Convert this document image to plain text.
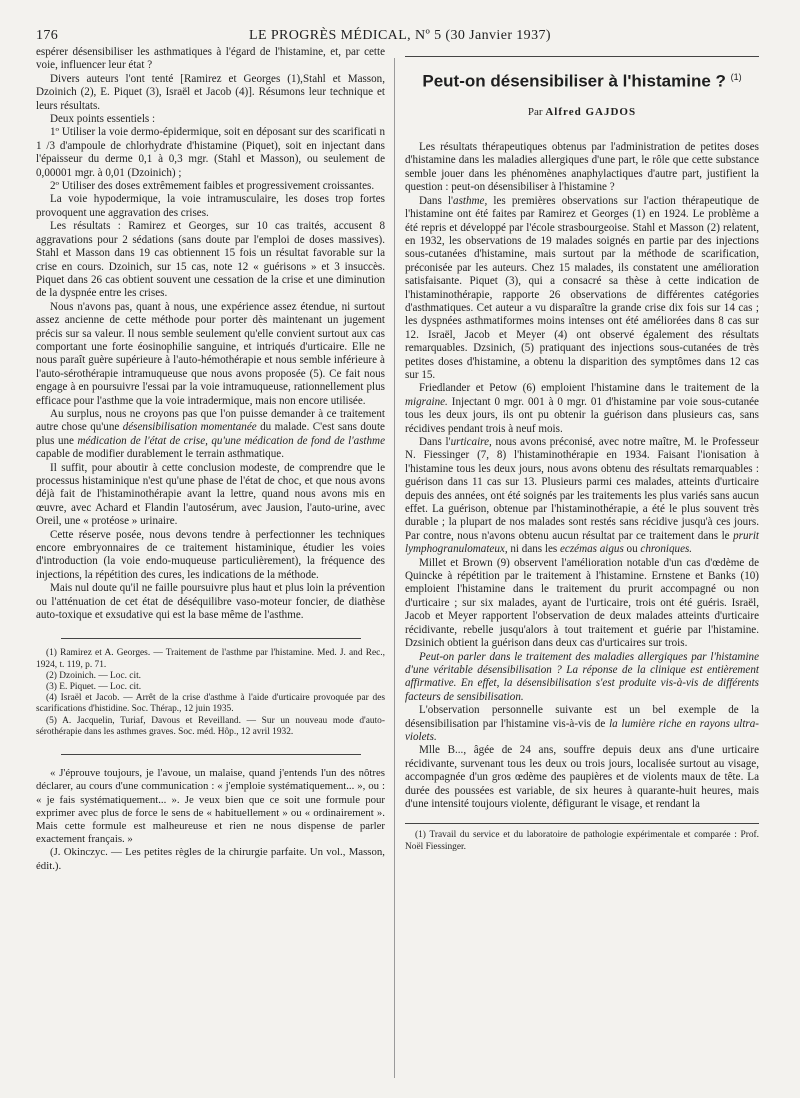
176	LE PROGRÈS MÉDICAL, Nº 5 (30 Janvier 1937)

espérer désensibiliser les asthmatiques à l'égard de l'histamine, et, par cette voie, influencer leur état ?

Divers auteurs l'ont tenté [Ramirez et Georges (1),Stahl et Masson, Dzoinich (2), E. Piquet (3), Israël et Jacob (4)]. Résumons leur technique et leurs résultats.

Deux points essentiels :

1º Utiliser la voie dermo-épidermique, soit en déposant sur des scarificati n 1 /3 d'ampoule de chlorhydrate d'histamine (Piquet), soit en injectant dans l'épaisseur du derme 0,1 à 0,3 mgr. (Stahl et Masson), ou seulement de 0,00001 mgr. à 0,01 (Dzoinich) ;

2º Utiliser des doses extrêmement faibles et progressivement croissantes.

La voie hypodermique, la voie intramusculaire, les doses trop fortes provoquent une aggravation des crises.

Les résultats : Ramirez et Georges, sur 10 cas traités, accusent 8 aggravations pour 2 sédations (sans doute par l'emploi de doses massives). Stahl et Masson dans 19 cas obtiennent 15 fois un résultat favorable sur la crise en cours. Dzoinich, sur 15 cas, note 12 « guérisons » et 3 insuccès. Piquet dans 26 cas obtient souvent une cessation de la crise et une diminution de la dyspnée entre les crises.

Nous n'avons pas, quant à nous, une expérience assez étendue, ni surtout assez ancienne de cette méthode pour porter dès maintenant un jugement précis sur sa valeur. Il nous semble seulement qu'elle convient surtout aux cas comportant une forte éosinophilie sanguine, et intriqués d'urticaire. Elle ne nous paraît guère supérieure à l'auto-hémothérapie et nous semble inférieure à l'auto-sérothérapie intramuqueuse que nous avons proposée (5). Ce fait nous engage à en poursuivre l'essai par la voie intramuqueuse, rationnellement plus efficace pour l'asthme que la voie intradermique, mais non encore utilisée.

Au surplus, nous ne croyons pas que l'on puisse demander à ce traitement autre chose qu'une désensibilisation momentanée du malade. C'est sans doute plus une médication de l'état de crise, qu'une médication de fond de l'asthme capable de modifier durablement le terrain asthmatique.

Il suffit, pour aboutir à cette conclusion modeste, de comprendre que le processus histaminique n'est qu'une phase de l'état de choc, et que nous avons déjà fait de l'histaminothérapie avant la lettre, quand nous avons mis en œuvre, avec Achard et Flandin l'autosérum, avec Jausion, l'auto-urine, avec Oreil, une « protéose » urinaire.

Cette réserve posée, nous devons tendre à perfectionner les techniques encore embryonnaires de ce traitement histaminique, étudier les voies d'introduction (la voie endo-muqueuse particulièrement), la fréquence des injections, la répétition des cures, les indications de la méthode.

Mais nul doute qu'il ne faille poursuivre plus haut et plus loin la prévention ou l'atténuation de cet état de déséquilibre vaso-moteur foncier, de diathèse auto-toxique et exsudative qui est la base même de l'asthme.

(1) Ramirez et A. Georges. — Traitement de l'asthme par l'histamine. Med. J. and Rec., 1924, t. 119, p. 71.

(2) Dzoinich. — Loc. cit.

(3) E. Piquet. — Loc. cit.

(4) Israël et Jacob. — Arrêt de la crise d'asthme à l'aide d'urticaire provoquée par des scarifications d'histidine. Soc. Thérap., 12 juin 1935.

(5) A. Jacquelin, Turiaf, Davous et Reveilland. — Sur un nouveau mode d'auto-sérothérapie dans les asthmes graves. Soc. méd. Hôp., 12 avril 1932.

« J'éprouve toujours, je l'avoue, un malaise, quand j'entends l'un des nôtres déclarer, au cours d'une communication : « j'emploie systématiquement... », ou : « je fais systématiquement... ». Je veux bien que ce soit une formule pour exprimer avec plus de force le sens de « habituellement » ou « ordinairement ». Mais cette formule est malheureuse et rien ne nous dispense de parler exactement français. »

(J. Okinczyc. — Les petites règles de la chirurgie parfaite. Un vol., Masson, édit.).

Peut-on désensibiliser à l'histamine ? $^{(1)}$
Par Alfred GAJDOS

Les résultats thérapeutiques obtenus par l'administration de petites doses d'histamine dans les maladies allergiques d'une part, le rôle que cette substance semble jouer dans les phénomènes anaphylactiques d'autre part, justifient la question : peut-on désensibiliser à l'histamine ?

Dans l'asthme, les premières observations sur l'action thérapeutique de l'histamine ont été faites par Ramirez et Georges (1) en 1924. Le problème a été repris et développé par l'école strasbourgeoise. Stahl et Masson (2) relatent, en 1932, les observations de 19 malades soignés en partie par des injections sous-cutanées d'histamine, mais surtout par la méthode de scarification, préconisée par les auteurs. Chez 15 malades, ils constatent une amélioration satisfaisante. Piquet (3), qui a consacré sa thèse à cette indication de l'histaminothérapie, rapporte 26 observations de différentes catégories d'asthmatiques. Cet auteur a vu disparaître la grande crise dix fois sur 14 cas ; les dyspnées asthmatiformes moins intenses ont été améliorées dans 8 cas sur 12. Israël, Jacob et Meyer (4) ont observé également des résultats remarquables. Dzsinich, (5) pratiquant des injections sous-cutanées de très petites doses d'histamine, a obtenu la disparition des symptômes dans 12 cas sur 15.

Friedlander et Petow (6) emploient l'histamine dans le traitement de la migraine. Injectant 0 mgr. 001 à 0 mgr. 01 d'histamine par voie sous-cutanée tous les deux jours, ils ont pu obtenir la guérison dans plusieurs cas, sans récidives pendant trois à neuf mois.

Dans l'urticaire, nous avons préconisé, avec notre maître, M. le Professeur N. Fiessinger (7, 8) l'histaminothérapie en 1934. Faisant l'ionisation à l'histamine tous les deux jours, nous avons obtenu des résultats remarquables : guérison dans 11 cas sur 13. Plusieurs parmi ces malades, atteints d'urticaire depuis des années, ont été soignés par les traitements les plus variés sans aucun effet. La guérison, obtenue par l'histaminothérapie, a été le plus souvent très durable ; la plupart de nos malades sont restés sans récidive jusqu'à ces jours. Par contre, nous n'avons obtenu aucun résultat par ce traitement dans le prurit lymphogranulomateux, ni dans les eczémas aigus ou chroniques.

Millet et Brown (9) observent l'amélioration notable d'un cas d'œdème de Quincke à répétition par le traitement à l'histamine. Ernstene et Banks (10) emploient l'histamine dans le traitement du prurit accompagné ou non d'urticaire ; sur six malades, ayant de l'urticaire, trois ont été guéris. Israël, Jacob et Meyer rapportent l'observation de deux malades atteints d'urticaire récidivante, rebelle jusqu'alors à tout traitement et guérie par l'histamine. Dzsinich obtient la guérison dans deux cas d'urticaires sur trois.

Peut-on parler dans le traitement des maladies allergiques par l'histamine d'une véritable désensibilisation ? La réponse de la clinique est entièrement affirmative. En effet, la désensibilisation s'est produite vis-à-vis de différents facteurs de sensibilisation.

L'observation personnelle suivante est un bel exemple de la désensibilisation par l'histamine vis-à-vis de la lumière riche en rayons ultra-violets.

Mlle B..., âgée de 24 ans, souffre depuis deux ans d'une urticaire récidivante, survenant tous les deux ou trois jours, localisée surtout au visage, accompagnée d'un gros œdème des paupières et de violents maux de tête. La durée des poussées est variable, de six heures à quarante-huit heures, mais d'une intensité toujours violente, défigurant le visage, et rendant la

(1) Travail du service et du laboratoire de pathologie expérimentale et comparée : Prof. Noël Fiessinger.
